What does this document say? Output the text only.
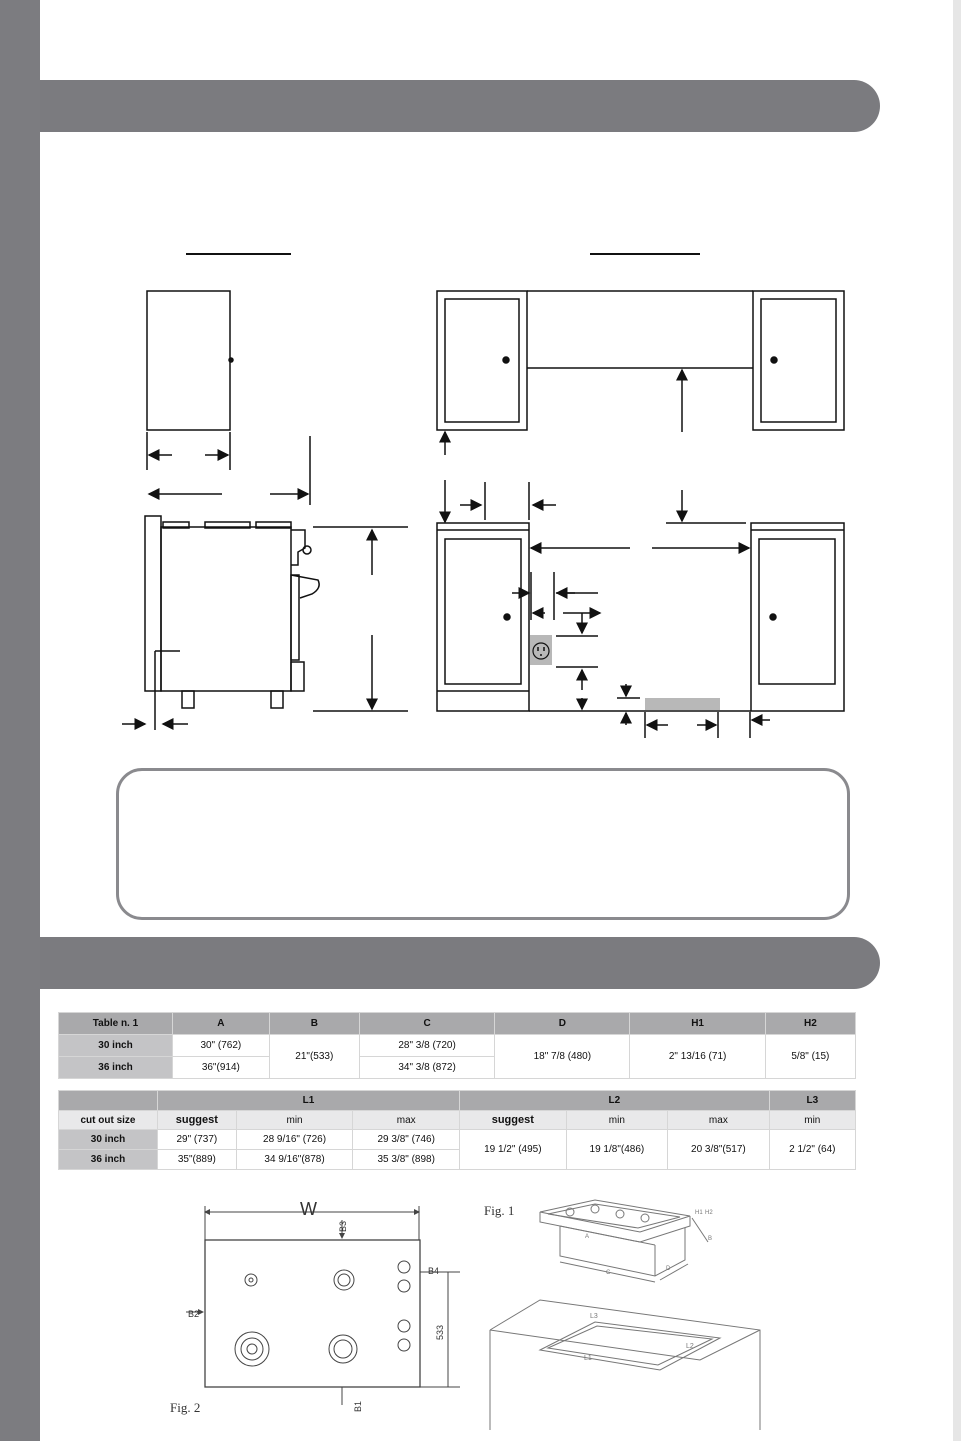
Table n. 1	A	B	C	D	H1	H2
30 inch	30" (762)	21"(533)	28" 3/8 (720)	18" 7/8 (480)	2" 13/16 (71)	5/8" (15)
36 inch	36"(914)		34" 3/8 (872)			
	L1			L2			L3
cut out size	suggest	min	max	suggest	min	max	min
30 inch	29" (737)	28 9/16" (726)	29 3/8" (746)	19 1/2" (495)	19 1/8"(486)	20 3/8"(517)	2 1/2" (64)
36 inch	35"(889)	34 9/16"(878)	35 3/8" (898)				
W
B2
B4
B3
B1
533
Fig. 2
Fig. 1
L1
L2
L3
A
C
D
B
H1 H2
